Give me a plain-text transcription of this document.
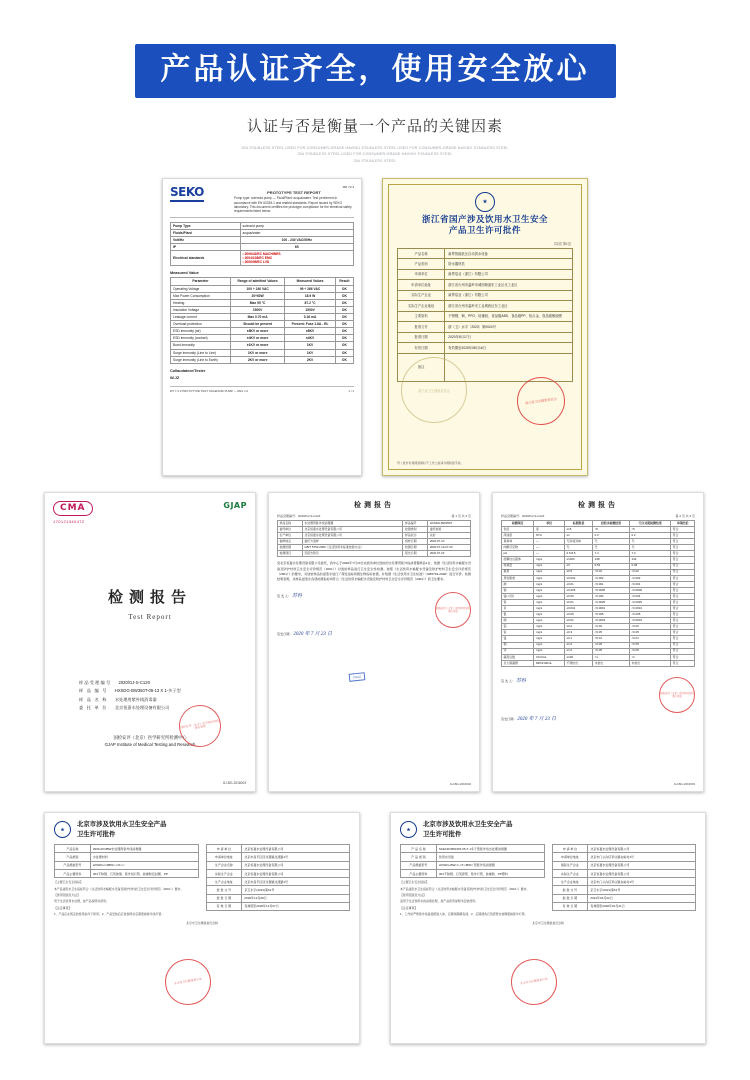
产品认证齐全，使用安全放心
认证与否是衡量一个产品的关键因素
304 STAINLESS STEEL USED FOR CONSUMER-GRADE HAVING STAINLESS STEEL USED FOR CONSUMER-GRADE HAVING STAINLESS STEEL
304 STAINLESS STEEL USED FOR CONSUMER-GRADE HAVING STAINLESS STEEL
304 STAINLESS STEEL
SEKO	MD 72.3
PROTOTYPE TEST REPORT
Pump type: solenoid pump — Fluid/Plant: acqua/water. Test performed in accordance with EN 60335-1 and related standards. Report issued by SEKO laboratory. This document certifies the prototype compliance for the electrical safety requirements listed below.
Pump Type	solenoid pump
Fluids/Plant	acqua/water
Volt/Hz	100 - 240 VAC/50Hz
IP	65
Electrical standards	• 2006/42/EC MACHINES
• 2004/108/EC EMC
• 2006/95/EC LVD
Measured Value
Parameter	Range of admitted Values	Measured Values	Result
Operating Voltage	100 ÷ 240 VAC	99 ÷ 266 VAC	OK
Max Power Consumption	20÷60W	18.9 W	OK
Heating	Max 95 °C	87.2 °C	OK
Insulation Voltage	1500V	1500V	OK
Leakage current	Max 0.70 mA	0.16 mA	OK
Overload protection	Should be present	Present: Fuse 1.6A - RL	OK
ESD immunity (air)	±8KV or more	±8KV	OK
ESD immunity (contact)	±4KV or more	±4KV	OK
Burst immunity	±1KV or more	1KV	OK
Surge immunity (Line to Line)	1KV or more	1KV	OK
Surge immunity (Line to Earth)	2KV or more	2KV	OK
Collaudatore/Tester
W.JZ
MT 7.2.3 PROTOTYPE TEST SOLENOID PUMP — REV 1.0	1 / 1
★
浙江省国产涉及饮用水卫生安全
产品卫生许可批件
共2页 第1页
产品名称	新界智能低压自动供水设备
产品类别	防水器材类
申请单位	新界泵业（浙江）有限公司
申请单位地址	浙江省台州市温岭市城西街道东工业区北工业区
实际生产企业	新界泵业（浙江）有限公司
实际生产企业地址	浙江省台州市温岭市工业城西区东工业区
主要原料	不锈钢、铜、PPO、硅橡胶、食品级ABS、食品级PP、铝合金、食品级橡胶圈
批准文号	浙（卫）水字〔2020〕第0024号
批准日期	2020年8月17日
有效日期	有效期至2025年08月16日
备注	
浙江省卫生健康委员会
浙江省卫生健康委员会
带丨批件有效期到期时不工作之前请办理续展手续。
CMA
170121340472
GJAP
检测报告
Test Report
样品受理编号 2020/GJ-S-C120
样 品 编 号 HXSDG-BW350T-05-13 X 1-多子型
样 品 名 称 水处理用紫外线消毒器
委 托 单 位 北京恒嘉水处理设备有限公司
国检安评（北京）医学研究所检测中心
GJAP Institute of Medical Testing and Research
国检安评（北京）医学研究所检测专用章
GJ-BG-2016003
检测报告
样品受理编号：2020/GJ-S-C121	第 1 页 共 2 页
样品名称	水处理用紫外线消毒器	样品编号	HXSDG-BW350T
委托单位	北京恒嘉水处理设备有限公司	检测类别	委托检验
生产单位	北京恒嘉水处理设备有限公司	样品状态	完好
抽样地点	委托方送样	到样日期	2020.07.10
检测依据	GB/T 5750-2006《生活饮用水标准检验方法》	检测日期	2020.07.13-07.20
检测项目	见报告附页	报告日期	2020.07.23
受北京恒嘉水处理设备有限公司委托，我中心于2020年7月10日收到该单位送检的水处理用紫外线消毒器样品1台，依据《生活饮用水输配水设备及防护材料卫生安全评价规范（2001）》对送检样品进行卫生安全性检测。按照《生活饮用水输配水设备及防护材料卫生安全评价规范（2001）》的要求，对送检样品的浸泡水进行了理化指标和微生物指标检测，并依据《生活饮用水卫生标准》（GB5749-2006）进行评价。检测结果表明，该样品浸泡水各项检测指标均符合《生活饮用水输配水设备及防护材料卫生安全评价规范（2001）》的卫生要求。
签 发 人： 苏科
国检安评（北京）医学研究所检测专用章
签发日期： 2020 年 7 月 23 日
CNAS
GJ-BG-2016002
检测报告
样品受理编号：2020/GJ-S-C121	第 2 页 共 2 页
检测项目	单位	标准限值	浸泡水检测结果	空白对照检测结果	单项结论
色度	度	≤15	<5	<5	符合
浑浊度	NTU	≤1	0.3	0.2	符合
臭和味	—	无异臭异味	无	无	符合
肉眼可见物	—	无	无	无	符合
pH	—	6.5-8.5	7.4	7.3	符合
溶解性总固体	mg/L	≤1000	138	132	符合
耗氧量	mg/L	≤3	0.52	0.48	符合
氨氮	mg/L	≤0.5	<0.02	<0.02	符合
挥发酚类	mg/L	≤0.002	<0.002	<0.002	符合
砷	mg/L	≤0.01	<0.001	<0.001	符合
镉	mg/L	≤0.005	<0.0005	<0.0005	符合
铬(六价)	mg/L	≤0.05	<0.004	<0.004	符合
铅	mg/L	≤0.01	<0.0025	<0.0025	符合
汞	mg/L	≤0.001	<0.0001	<0.0001	符合
银	mg/L	≤0.05	<0.005	<0.005	符合
硒	mg/L	≤0.01	<0.0004	<0.0004	符合
铝	mg/L	≤0.2	<0.02	<0.02	符合
铁	mg/L	≤0.3	<0.05	<0.05	符合
锰	mg/L	≤0.1	<0.01	<0.01	符合
铜	mg/L	≤1.0	<0.05	<0.05	符合
锌	mg/L	≤1.0	<0.05	<0.05	符合
菌落总数	CFU/mL	≤100	<1	<1	符合
总大肠菌群	MPN/100mL	不得检出	未检出	未检出	符合
签 发 人： 苏科
国检安评（北京）医学研究所检测专用章
签发日期： 2020 年 7 月 23 日
GJ-BG-2016003
★
北京市涉及饮用水卫生安全产品
卫生许可批件
产品名称	3000-2KOBW水处理用紫外线消毒器
产品类别	水处理材料
产品规格型号	HXSDG-C3BW□-□X□-□
产品主要原料	304不锈钢、石英玻璃、紫外线灯管、硅橡胶密封圈、PP
【主要卫生安全指标】
本产品浸泡水卫生指标符合《生活饮用水输配水设备及防护材料的卫生安全评价规范（2001）》要求。
【使用范围及方法】
用于生活饮用水处理，按产品说明书使用。
【注意事项】
1、产品应在规定的使用条件下使用；2、产品安装后应按说明书定期更换紫外线灯管。
申 请 单 位	北京恒嘉水处理设备有限公司
申请单位地址	北京市昌平区回龙观镇北清路1号
生产企业名称	北京恒嘉水处理设备有限公司
实际生产企业	北京恒嘉水处理设备有限公司
生产企业地址	北京市昌平区回龙观镇北清路1号
批 准 文 号	京卫水字(2021)第51号
批 准 日 期	2020年12月08日
有 效 日 期	有效期至2025年12月07日
北京市卫生健康委员会
北京市卫生健康委员会制
★
北京市涉及饮用水卫生安全产品
卫生许可批件
产 品 名 称	SKECDCBW30T-05 X 1多子型紫外线水处理消毒器
产 品 类 别	饮用水设备
产品规格型号	HXSDG-BW□□-□T-□BW□ 型紫外线消毒器
产品主要原料	304不锈钢、石英套管、紫外灯管、硅橡胶、PP塑料
【主要卫生安全指标】
本产品浸泡水卫生指标符合《生活饮用水输配水设备及防护材料的卫生安全评价规范（2001）》要求。
【使用范围及方法】
适用于生活饮用水的消毒处理，按产品使用说明书安装使用。
【注意事项】
1、工作时严禁紫外线直接照射人体，应避免眼睛直视；2、定期清洗石英套管并按期更换紫外灯管。
申 请 单 位	北京恒嘉水处理设备有限公司
申请单位地址	北京市门头沟区军庄镇灰峪村1号
国际生产企业	北京恒嘉水处理设备有限公司
实际生产企业	北京恒嘉水处理设备有限公司
生产企业地址	北京市门头沟区军庄镇灰峪村1号
批 准 文 号	京卫水字(2021)第51号
批 准 日 期	2021年04月22日
有 效 日 期	有效期至2026年04月21日
北京市卫生健康委员会
北京市卫生健康委员会制
